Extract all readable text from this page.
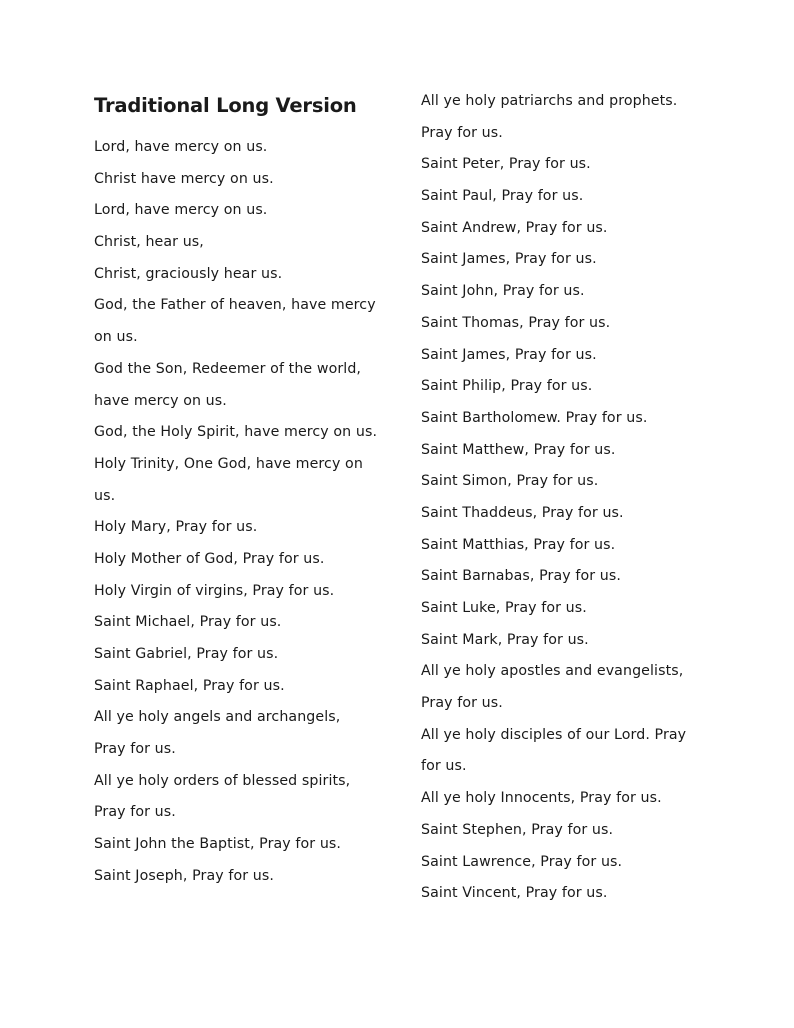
Traditional Long Version
Lord, have mercy on us.
Christ have mercy on us.
Lord, have mercy on us.
Christ, hear us,
Christ, graciously hear us.
God, the Father of heaven, have mercy
on us.
God the Son, Redeemer of the world,
have mercy on us.
God, the Holy Spirit, have mercy on us.
Holy Trinity, One God, have mercy on
us.
Holy Mary, Pray for us.
Holy Mother of God, Pray for us.
Holy Virgin of virgins, Pray for us.
Saint Michael, Pray for us.
Saint Gabriel, Pray for us.
Saint Raphael, Pray for us.
All ye holy angels and archangels,
Pray for us.
All ye holy orders of blessed spirits,
Pray for us.
Saint John the Baptist, Pray for us.
Saint Joseph, Pray for us.
All ye holy patriarchs and prophets.
Pray for us.
Saint Peter, Pray for us.
Saint Paul, Pray for us.
Saint Andrew, Pray for us.
Saint James, Pray for us.
Saint John, Pray for us.
Saint Thomas, Pray for us.
Saint James, Pray for us.
Saint Philip, Pray for us.
Saint Bartholomew. Pray for us.
Saint Matthew, Pray for us.
Saint Simon, Pray for us.
Saint Thaddeus, Pray for us.
Saint Matthias, Pray for us.
Saint Barnabas, Pray for us.
Saint Luke, Pray for us.
Saint Mark, Pray for us.
All ye holy apostles and evangelists,
Pray for us.
All ye holy disciples of our Lord. Pray
for us.
All ye holy Innocents, Pray for us.
Saint Stephen, Pray for us.
Saint Lawrence, Pray for us.
Saint Vincent, Pray for us.
